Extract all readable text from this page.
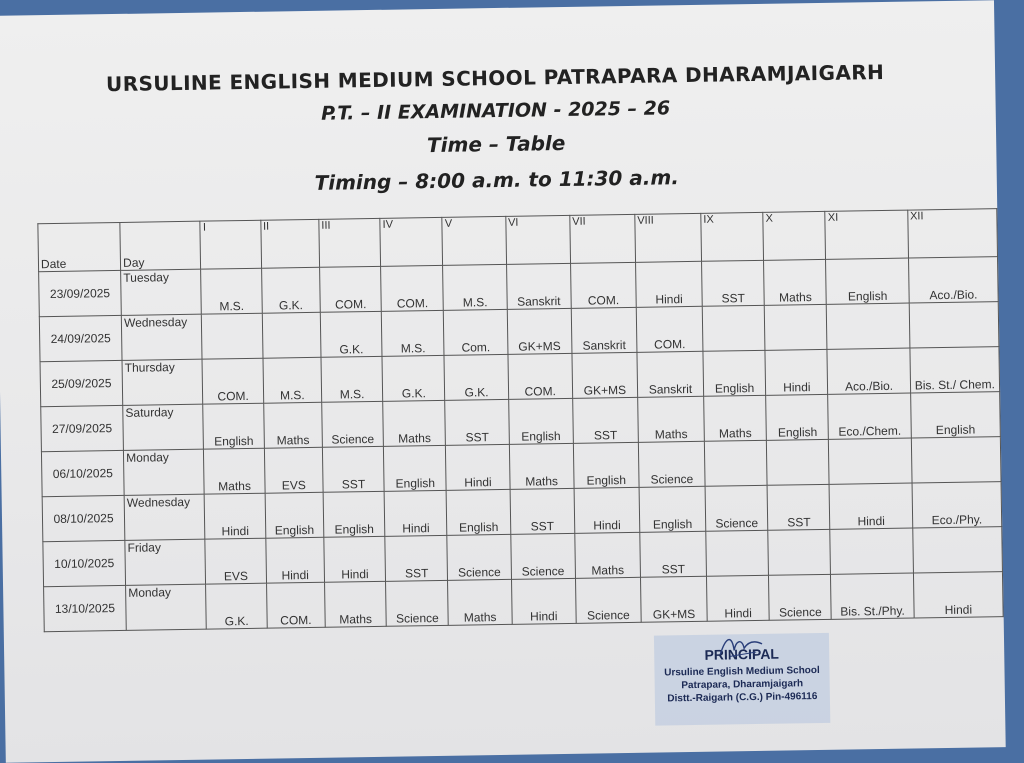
URSULINE ENGLISH MEDIUM SCHOOL PATRAPARA DHARAMJAIGARH

P.T. – II EXAMINATION - 2025 – 26

Time – Table

Timing – 8:00 a.m. to 11:30 a.m.

Date	Day	I	II	III	IV	V	VI	VII	VIII	IX	X	XI	XII
23/09/2025	Tuesday	M.S.	G.K.	COM.	COM.	M.S.	Sanskrit	COM.	Hindi	SST	Maths	English	Aco./Bio.
24/09/2025	Wednesday			G.K.	M.S.	Com.	GK+MS	Sanskrit	COM.				
25/09/2025	Thursday	COM.	M.S.	M.S.	G.K.	G.K.	COM.	GK+MS	Sanskrit	English	Hindi	Aco./Bio.	Bis. St./ Chem.
27/09/2025	Saturday	English	Maths	Science	Maths	SST	English	SST	Maths	Maths	English	Eco./Chem.	English
06/10/2025	Monday	Maths	EVS	SST	English	Hindi	Maths	English	Science				
08/10/2025	Wednesday	Hindi	English	English	Hindi	English	SST	Hindi	English	Science	SST	Hindi	Eco./Phy.
10/10/2025	Friday	EVS	Hindi	Hindi	SST	Science	Science	Maths	SST				
13/10/2025	Monday	G.K.	COM.	Maths	Science	Maths	Hindi	Science	GK+MS	Hindi	Science	Bis. St./Phy.	Hindi

PRINCIPAL

Ursuline English Medium School

Patrapara, Dharamjaigarh

Distt.-Raigarh (C.G.) Pin-496116
